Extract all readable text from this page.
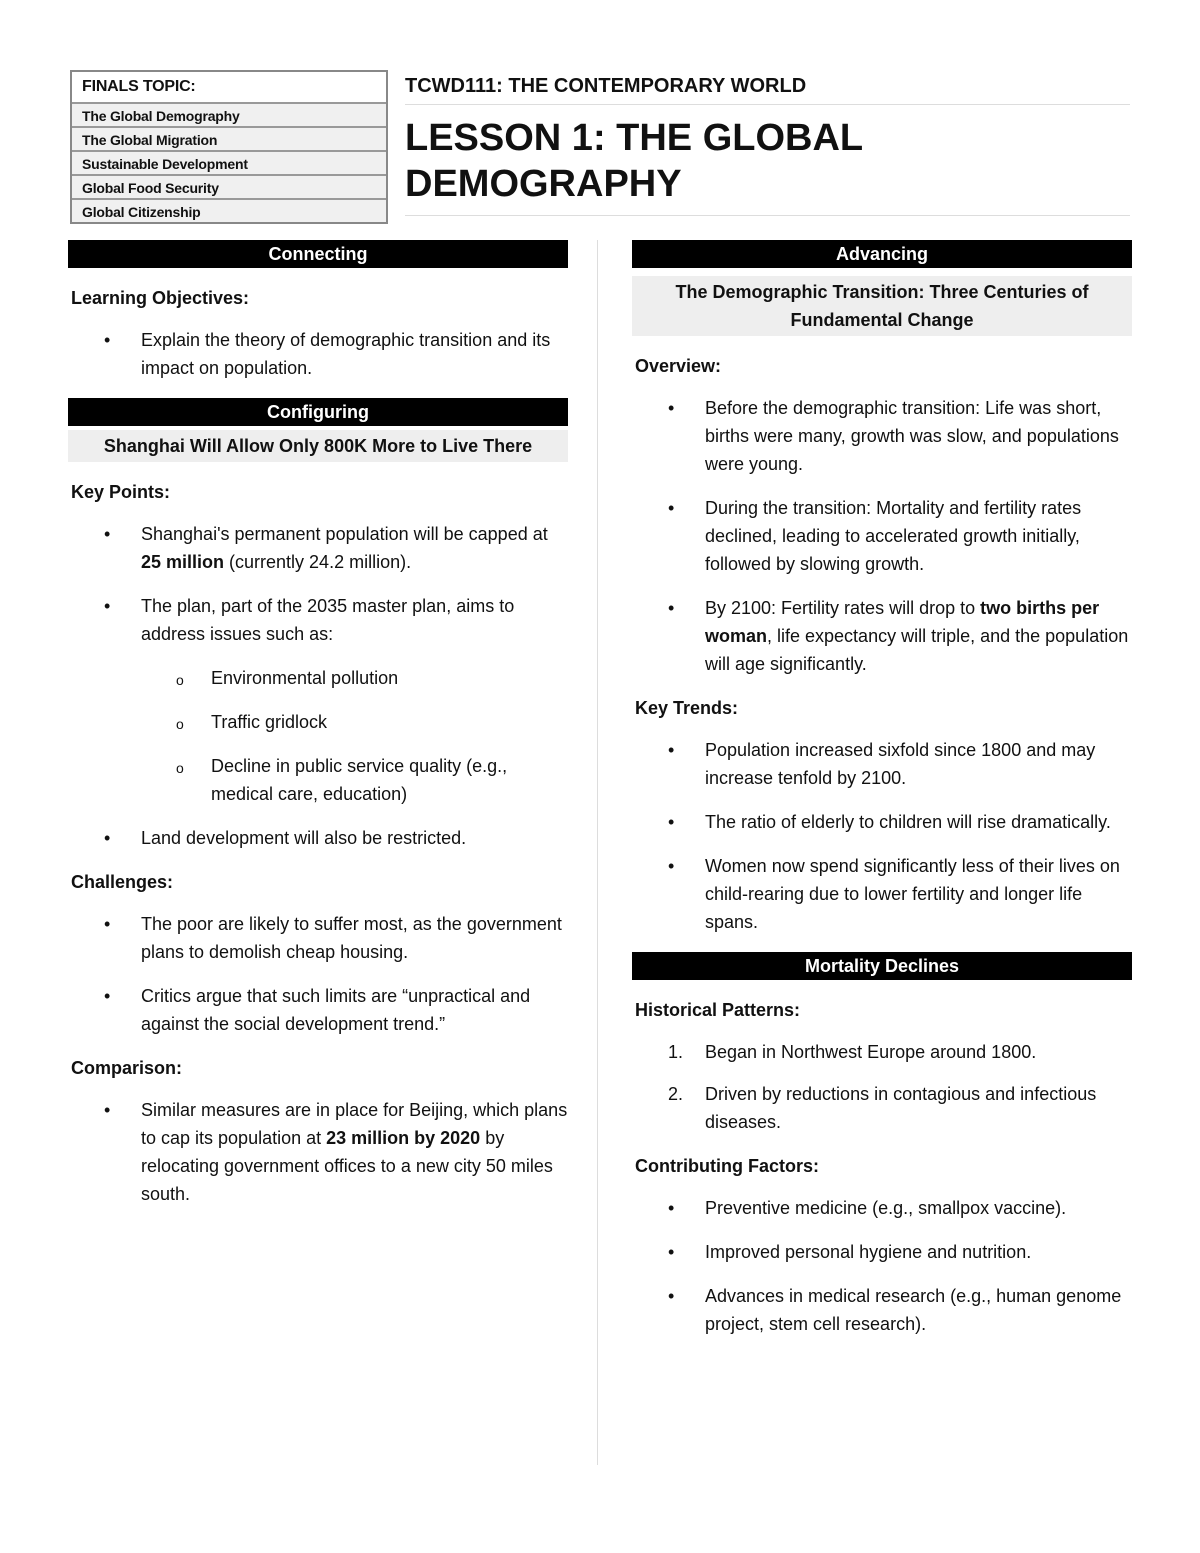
FINALS TOPIC:
The Global Demography
The Global Migration
Sustainable Development
Global Food Security
Global Citizenship
TCWD111: THE CONTEMPORARY WORLD
LESSON 1: THE GLOBAL
DEMOGRAPHY
Connecting
Learning Objectives:
• Explain the theory of demographic transition and its impact on population.
Configuring
Shanghai Will Allow Only 800K More to Live There
Key Points:
• Shanghai's permanent population will be capped at 25 million (currently 24.2 million).
• The plan, part of the 2035 master plan, aims to address issues such as:
o Environmental pollution
o Traffic gridlock
o Decline in public service quality (e.g., medical care, education)
• Land development will also be restricted.
Challenges:
• The poor are likely to suffer most, as the government plans to demolish cheap housing.
• Critics argue that such limits are “unpractical and against the social development trend.”
Comparison:
• Similar measures are in place for Beijing, which plans to cap its population at 23 million by 2020 by relocating government offices to a new city 50 miles south.
Advancing
The Demographic Transition: Three Centuries of Fundamental Change
Overview:
• Before the demographic transition: Life was short, births were many, growth was slow, and populations were young.
• During the transition: Mortality and fertility rates declined, leading to accelerated growth initially, followed by slowing growth.
• By 2100: Fertility rates will drop to two births per woman, life expectancy will triple, and the population will age significantly.
Key Trends:
• Population increased sixfold since 1800 and may increase tenfold by 2100.
• The ratio of elderly to children will rise dramatically.
• Women now spend significantly less of their lives on child-rearing due to lower fertility and longer life spans.
Mortality Declines
Historical Patterns:
1. Began in Northwest Europe around 1800.
2. Driven by reductions in contagious and infectious diseases.
Contributing Factors:
• Preventive medicine (e.g., smallpox vaccine).
• Improved personal hygiene and nutrition.
• Advances in medical research (e.g., human genome project, stem cell research).
